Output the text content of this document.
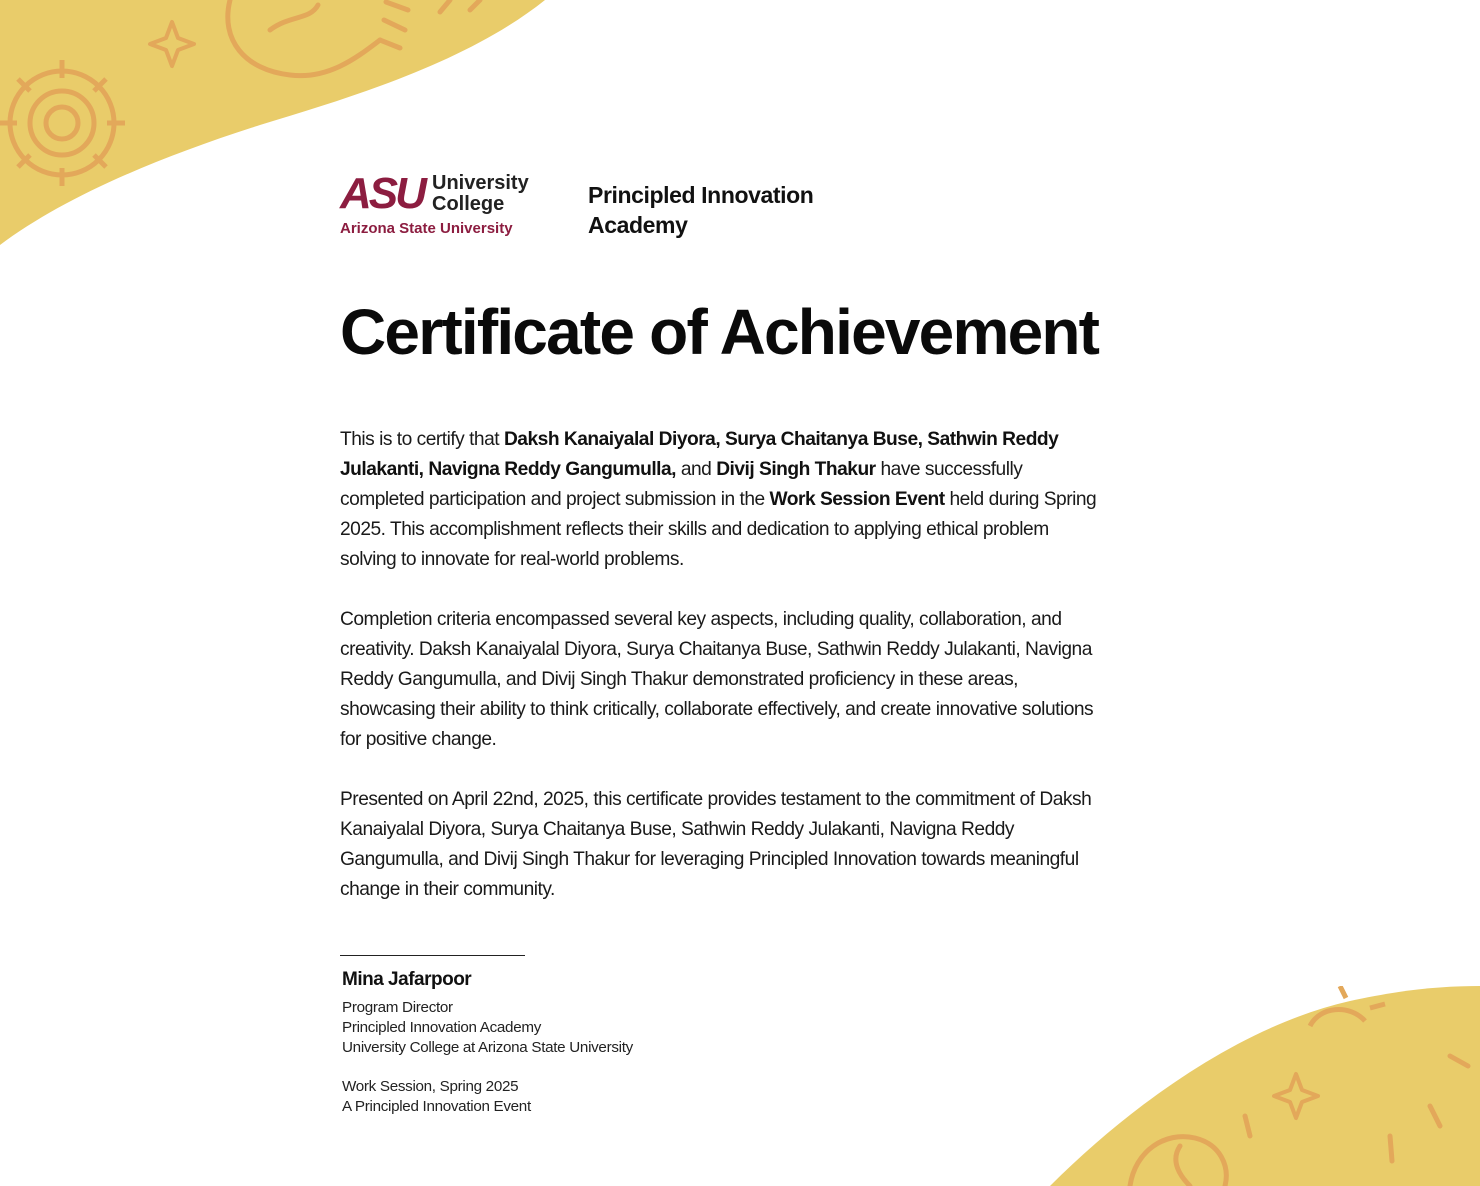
ASU University
College
Arizona State University
Principled Innovation
Academy
Certificate of Achievement

This is to certify that Daksh Kanaiyalal Diyora, Surya Chaitanya Buse, Sathwin Reddy Julakanti, Navigna Reddy Gangumulla, and Divij Singh Thakur have successfully completed participation and project submission in the Work Session Event held during Spring 2025. This accomplishment reflects their skills and dedication to applying ethical problem solving to innovate for real-world problems.

Completion criteria encompassed several key aspects, including quality, collaboration, and creativity. Daksh Kanaiyalal Diyora, Surya Chaitanya Buse, Sathwin Reddy Julakanti, Navigna Reddy Gangumulla, and Divij Singh Thakur demonstrated proficiency in these areas, showcasing their ability to think critically, collaborate effectively, and create innovative solutions for positive change.

Presented on April 22nd, 2025, this certificate provides testament to the commitment of Daksh Kanaiyalal Diyora, Surya Chaitanya Buse, Sathwin Reddy Julakanti, Navigna Reddy Gangumulla, and Divij Singh Thakur for leveraging Principled Innovation towards meaningful change in their community.

Mina Jafarpoor
Program Director
Principled Innovation Academy
University College at Arizona State University
Work Session, Spring 2025
A Principled Innovation Event
